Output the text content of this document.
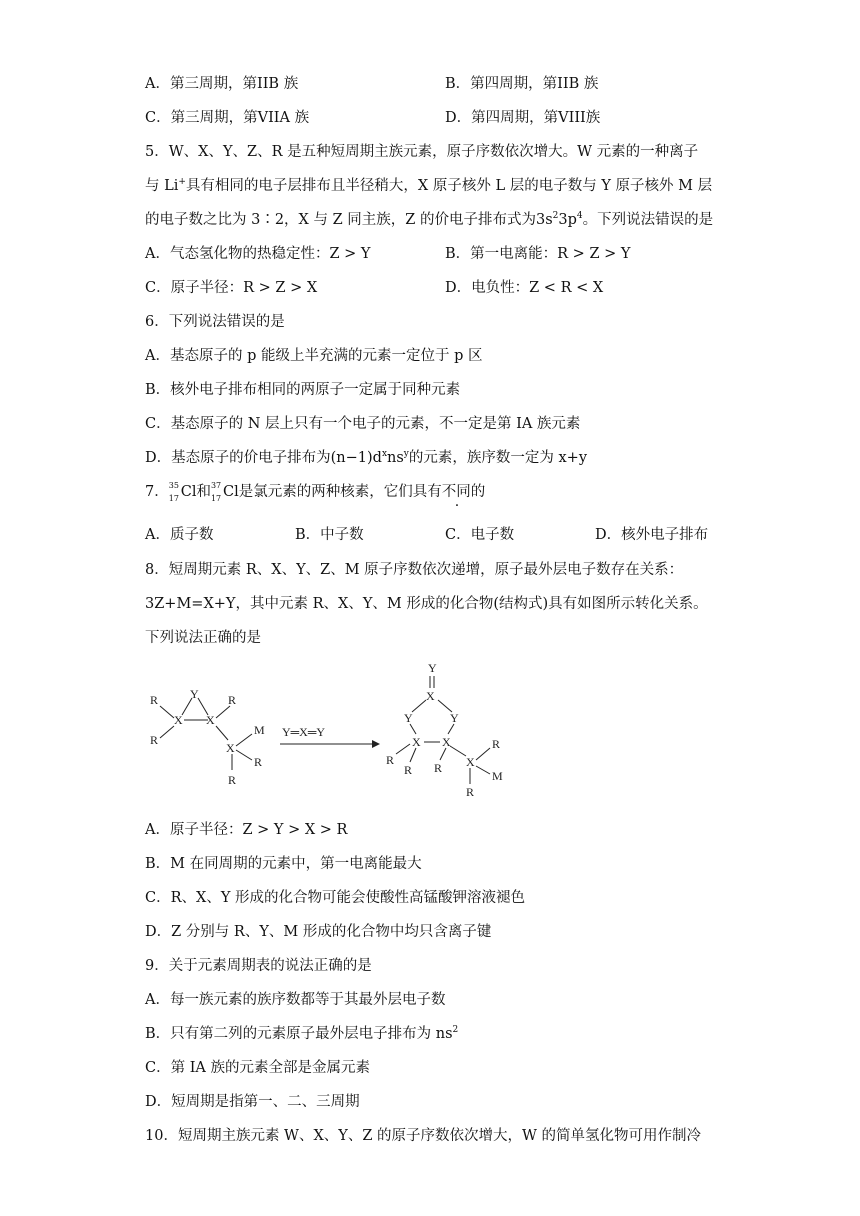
A．第三周期，第IIB 族	B．第四周期，第IIB 族
C．第三周期，第VIIA 族	D．第四周期，第VIII族
5．W、X、Y、Z、R 是五种短周期主族元素，原子序数依次增大。W 元素的一种离子
与 Li+具有相同的电子层排布且半径稍大，X 原子核外 L 层的电子数与 Y 原子核外 M 层
的电子数之比为 3∶2，X 与 Z 同主族，Z 的价电子排布式为$3s^23p^4$。下列说法错误的是
A．气态氢化物的热稳定性：Z > Y	B．第一电离能：R > Z > Y
C．原子半径：R > Z > X	D．电负性：Z < R < X
6．下列说法错误的是
A．基态原子的 p 能级上半充满的元素一定位于 p 区
B．核外电子排布相同的两原子一定属于同种元素
C．基态原子的 N 层上只有一个电子的元素，不一定是第 IA 族元素
D．基态原子的价电子排布为$(n-1)d^xns^y$的元素，族序数一定为 x+y
7． 35
17 Cl和 37
17 Cl是氯元素的两种核素，它们具有不同的
A．质子数	B．中子数	C．电子数	D．核外电子排布
8．短周期元素 R、X、Y、Z、M 原子序数依次递增，原子最外层电子数存在关系：
3Z+M=X+Y，其中元素 R、X、Y、M 形成的化合物(结构式)具有如图所示转化关系。
下列说法正确的是
R
R
X
Y
X
R
X
M
R
R
Y═X═Y
Y
X
Y	Y
X X
R
R R X
R
M
R
A．原子半径：Z > Y > X > R
B．M 在同周期的元素中，第一电离能最大
C．R、X、Y 形成的化合物可能会使酸性高锰酸钾溶液褪色
D．Z 分别与 R、Y、M 形成的化合物中均只含离子键
9．关于元素周期表的说法正确的是
A．每一族元素的族序数都等于其最外层电子数
B．只有第二列的元素原子最外层电子排布为 $ns^2$
C．第 IA 族的元素全部是金属元素
D．短周期是指第一、二、三周期
10．短周期主族元素 W、X、Y、Z 的原子序数依次增大，W 的简单氢化物可用作制冷
